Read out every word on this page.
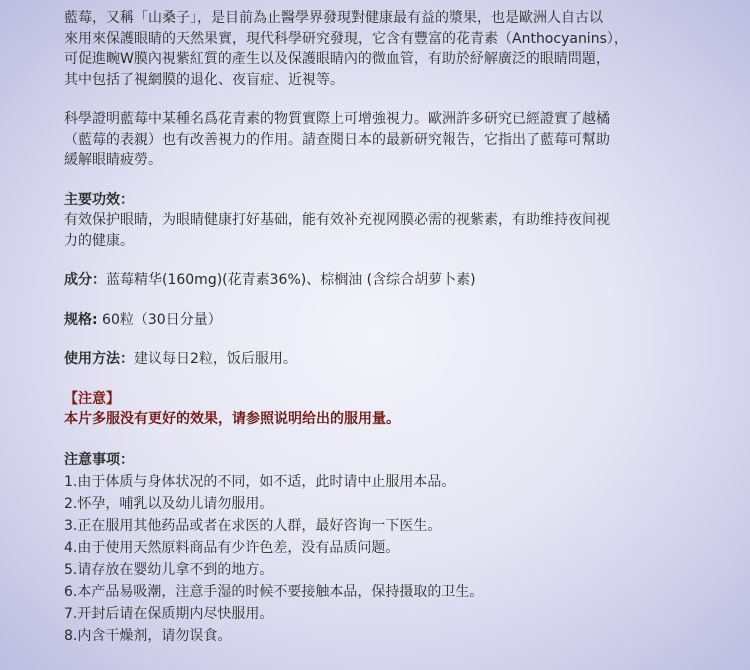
藍莓，又稱「山桑子」，是目前為止醫學界發現對健康最有益的漿果，也是歐洲人自古以
來用來保護眼睛的天然果實，現代科學研究發現，它含有豐富的花青素（Anthocyanins），
可促進畹W膜內視紫紅質的產生以及保護眼睛內的微血管，有助於紓解廣泛的眼睛問題，
其中包括了視網膜的退化、夜盲症、近視等。
科學證明藍莓中某種名爲花青素的物質實際上可增強視力。歐洲許多研究已經證實了越橘
（藍莓的表親）也有改善視力的作用。請查閱日本的最新研究報告，它指出了藍莓可幫助
緩解眼睛疲勞。
主要功效：
有效保护眼睛，为眼睛健康打好基础，能有效补充视网膜必需的视紫素，有助维持夜间视
力的健康。
成分：蓝莓精华(160mg)(花青素36%)、棕榈油 (含综合胡萝卜素)
规格: 60粒（30日分量）
使用方法：建议每日2粒，饭后服用。
【注意】
本片多服没有更好的效果，请参照说明给出的服用量。
注意事项：
1.由于体质与身体状况的不同，如不适，此时请中止服用本品。
2.怀孕，哺乳以及幼儿请勿服用。
3.正在服用其他药品或者在求医的人群，最好咨询一下医生。
4.由于使用天然原料商品有少许色差，没有品质问题。
5.请存放在婴幼儿拿不到的地方。
6.本产品易吸潮，注意手湿的时候不要接触本品，保持摄取的卫生。
7.开封后请在保质期内尽快服用。
8.内含干燥剂，请勿误食。
